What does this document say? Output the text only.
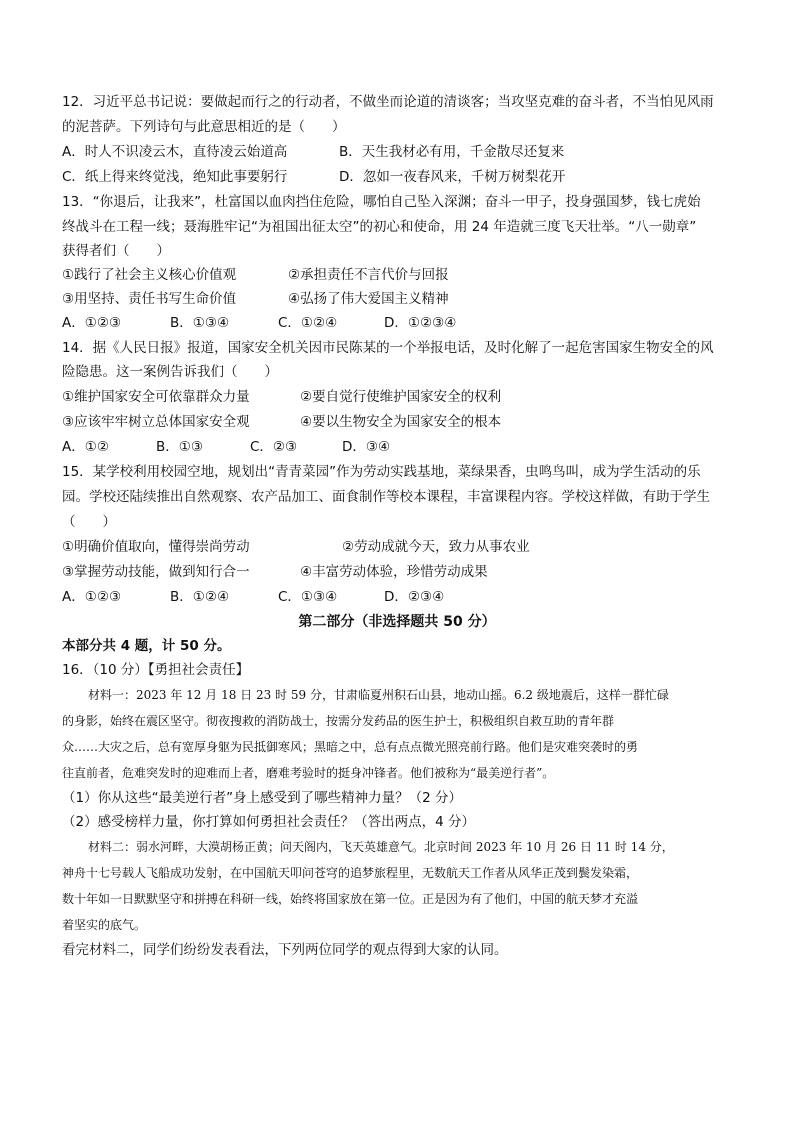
12．习近平总书记说：要做起而行之的行动者，不做坐而论道的清谈客；当攻坚克难的奋斗者，不当怕见风雨
的泥菩萨。下列诗句与此意思相近的是（　　）
A．时人不识凌云木，直待凌云始道高	B．天生我材必有用，千金散尽还复来
C．纸上得来终觉浅，绝知此事要躬行	D．忽如一夜春风来，千树万树梨花开
13．“你退后，让我来”，杜富国以血肉挡住危险，哪怕自己坠入深渊；奋斗一甲子，投身强国梦，钱七虎始
终战斗在工程一线；聂海胜牢记“为祖国出征太空”的初心和使命，用 24 年造就三度飞天壮举。“八一勋章”
获得者们（　　）
①践行了社会主义核心价值观	②承担责任不言代价与回报
③用坚持、责任书写生命价值	④弘扬了伟大爱国主义精神
A．①②③	B．①③④	C．①②④	D．①②③④
14．据《人民日报》报道，国家安全机关因市民陈某的一个举报电话，及时化解了一起危害国家生物安全的风
险隐患。这一案例告诉我们（　　）
①维护国家安全可依靠群众力量	②要自觉行使维护国家安全的权利
③应该牢牢树立总体国家安全观	④要以生物安全为国家安全的根本
A．①②	B．①③	C．②③	D．③④
15．某学校利用校园空地，规划出“青青菜园”作为劳动实践基地，菜绿果香，虫鸣鸟叫，成为学生活动的乐
园。学校还陆续推出自然观察、农产品加工、面食制作等校本课程，丰富课程内容。学校这样做，有助于学生
（　　）
①明确价值取向，懂得崇尚劳动	②劳动成就今天，致力从事农业
③掌握劳动技能，做到知行合一	④丰富劳动体验，珍惜劳动成果
A．①②③	B．①②④	C．①③④	D．②③④
第二部分（非选择题共 50 分）
本部分共 4 题，计 50 分。
16．（10 分）【勇担社会责任】
材料一：2023 年 12 月 18 日 23 时 59 分，甘肃临夏州积石山县，地动山摇。6.2 级地震后，这样一群忙碌
的身影，始终在震区坚守。彻夜搜救的消防战士，按需分发药品的医生护士，积极组织自救互助的青年群
众……大灾之后，总有宽厚身躯为民抵御寒风；黑暗之中，总有点点微光照亮前行路。他们是灾难突袭时的勇
往直前者，危难突发时的迎难而上者，磨难考验时的挺身冲锋者。他们被称为“最美逆行者”。
（1）你从这些“最美逆行者”身上感受到了哪些精神力量？（2 分）
（2）感受榜样力量，你打算如何勇担社会责任？（答出两点，4 分）
材料二：弱水河畔，大漠胡杨正黄；问天阁内，飞天英雄意气。北京时间 2023 年 10 月 26 日 11 时 14 分，
神舟十七号载人飞船成功发射，在中国航天叩问苍穹的追梦旅程里，无数航天工作者从风华正茂到鬓发染霜，
数十年如一日默默坚守和拼搏在科研一线，始终将国家放在第一位。正是因为有了他们，中国的航天梦才充溢
着坚实的底气。
看完材料二，同学们纷纷发表看法，下列两位同学的观点得到大家的认同。
